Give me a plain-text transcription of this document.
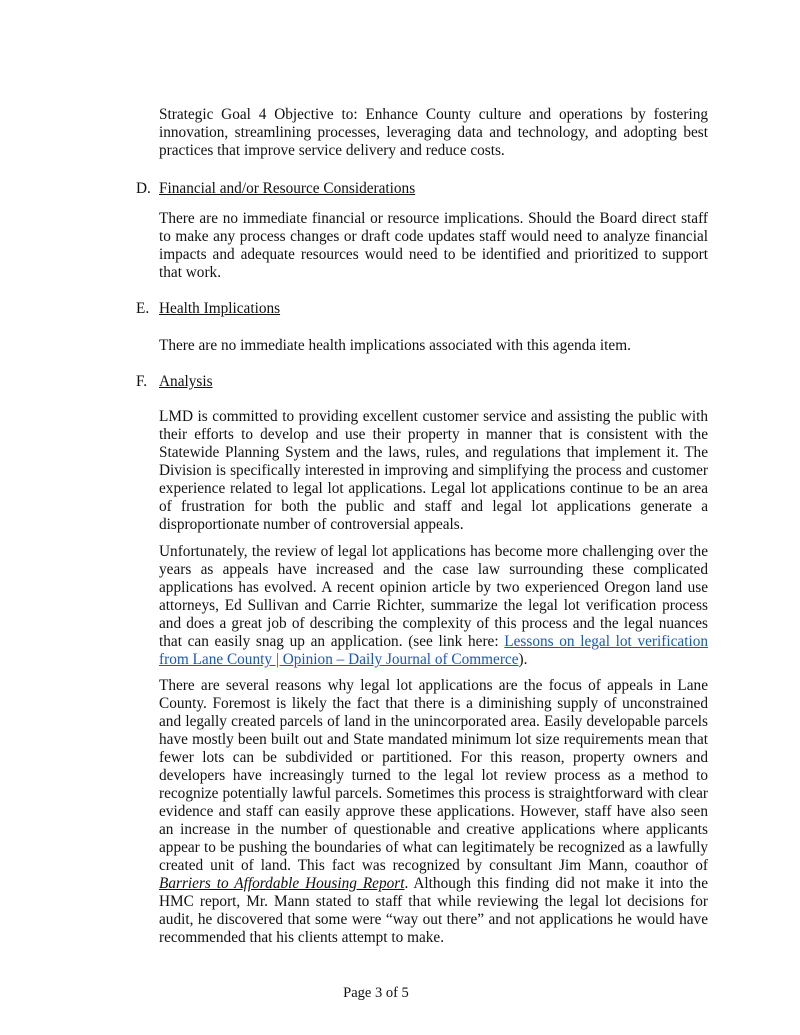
Strategic Goal 4 Objective to: Enhance County culture and operations by fostering innovation, streamlining processes, leveraging data and technology, and adopting best practices that improve service delivery and reduce costs.
D. Financial and/or Resource Considerations
There are no immediate financial or resource implications. Should the Board direct staff to make any process changes or draft code updates staff would need to analyze financial impacts and adequate resources would need to be identified and prioritized to support that work.
E. Health Implications
There are no immediate health implications associated with this agenda item.
F. Analysis
LMD is committed to providing excellent customer service and assisting the public with their efforts to develop and use their property in manner that is consistent with the Statewide Planning System and the laws, rules, and regulations that implement it. The Division is specifically interested in improving and simplifying the process and customer experience related to legal lot applications. Legal lot applications continue to be an area of frustration for both the public and staff and legal lot applications generate a disproportionate number of controversial appeals.
Unfortunately, the review of legal lot applications has become more challenging over the years as appeals have increased and the case law surrounding these complicated applications has evolved. A recent opinion article by two experienced Oregon land use attorneys, Ed Sullivan and Carrie Richter, summarize the legal lot verification process and does a great job of describing the complexity of this process and the legal nuances that can easily snag up an application. (see link here: Lessons on legal lot verification from Lane County | Opinion – Daily Journal of Commerce).
There are several reasons why legal lot applications are the focus of appeals in Lane County. Foremost is likely the fact that there is a diminishing supply of unconstrained and legally created parcels of land in the unincorporated area. Easily developable parcels have mostly been built out and State mandated minimum lot size requirements mean that fewer lots can be subdivided or partitioned. For this reason, property owners and developers have increasingly turned to the legal lot review process as a method to recognize potentially lawful parcels. Sometimes this process is straightforward with clear evidence and staff can easily approve these applications. However, staff have also seen an increase in the number of questionable and creative applications where applicants appear to be pushing the boundaries of what can legitimately be recognized as a lawfully created unit of land. This fact was recognized by consultant Jim Mann, coauthor of Barriers to Affordable Housing Report. Although this finding did not make it into the HMC report, Mr. Mann stated to staff that while reviewing the legal lot decisions for audit, he discovered that some were “way out there” and not applications he would have recommended that his clients attempt to make.
Page 3 of 5
